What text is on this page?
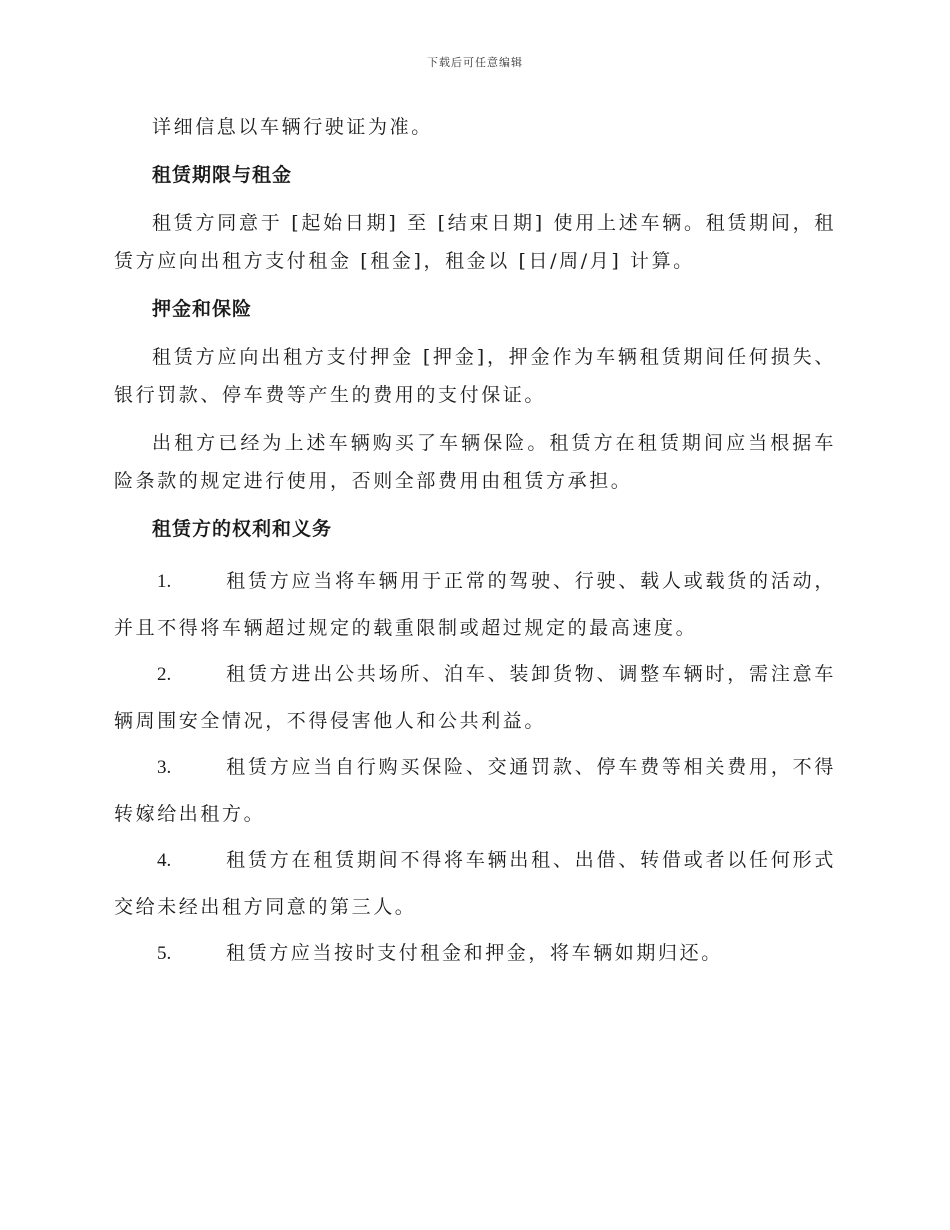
下载后可任意编辑

详细信息以车辆行驶证为准。

租赁期限与租金

租赁方同意于 [起始日期] 至 [结束日期] 使用上述车辆。租赁期间，租赁方应向出租方支付租金 [租金]，租金以 [日/周/月] 计算。

押金和保险

租赁方应向出租方支付押金 [押金]，押金作为车辆租赁期间任何损失、银行罚款、停车费等产生的费用的支付保证。

出租方已经为上述车辆购买了车辆保险。租赁方在租赁期间应当根据车险条款的规定进行使用，否则全部费用由租赁方承担。

租赁方的权利和义务

1.	租赁方应当将车辆用于正常的驾驶、行驶、载人或载货的活动，并且不得将车辆超过规定的载重限制或超过规定的最高速度。

2.	租赁方进出公共场所、泊车、装卸货物、调整车辆时，需注意车辆周围安全情况，不得侵害他人和公共利益。

3.	租赁方应当自行购买保险、交通罚款、停车费等相关费用，不得转嫁给出租方。

4.	租赁方在租赁期间不得将车辆出租、出借、转借或者以任何形式交给未经出租方同意的第三人。

5.	租赁方应当按时支付租金和押金，将车辆如期归还。
